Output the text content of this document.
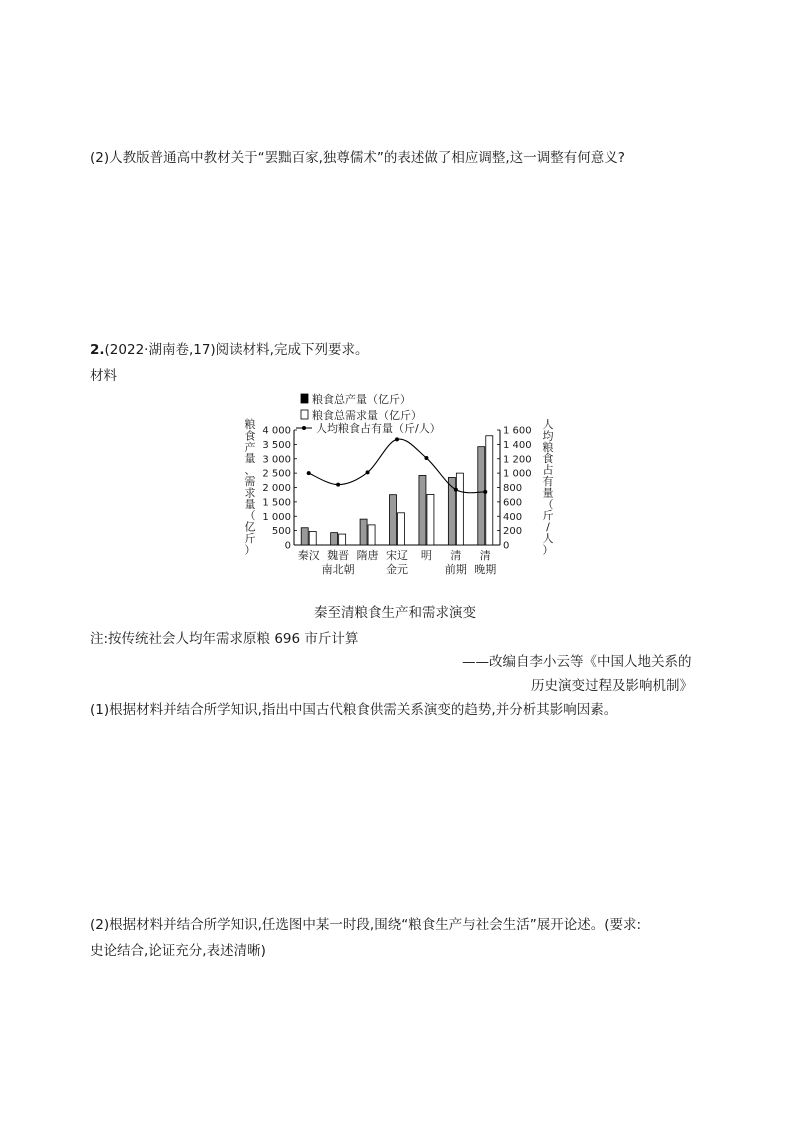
(2)人教版普通高中教材关于“罢黜百家,独尊儒术”的表述做了相应调整,这一调整有何意义?
2.(2022·湖南卷,17)阅读材料,完成下列要求。
材料
粮食总产量（亿斤）
粮食总需求量（亿斤）
人均粮食占有量（斤/人）
粮
食
产
量
、
需
求
量
（
亿
斤
）
人
均
粮
食
占
有
量
（
斤
/
人
）
4 000
3 500
3 000
2 500
2 000
1 500
1 000
500
0
1 600
1 400
1 200
1 000
800
600
400
200
0
秦汉 魏晋
南北朝
隋唐 宋辽
金元
明 清
前期
清
晚期
秦至清粮食生产和需求演变
注:按传统社会人均年需求原粮 696 市斤计算
——改编自李小云等《中国人地关系的
历史演变过程及影响机制》
(1)根据材料并结合所学知识,指出中国古代粮食供需关系演变的趋势,并分析其影响因素。
(2)根据材料并结合所学知识,任选图中某一时段,围绕“粮食生产与社会生活”展开论述。(要求:
史论结合,论证充分,表述清晰)
